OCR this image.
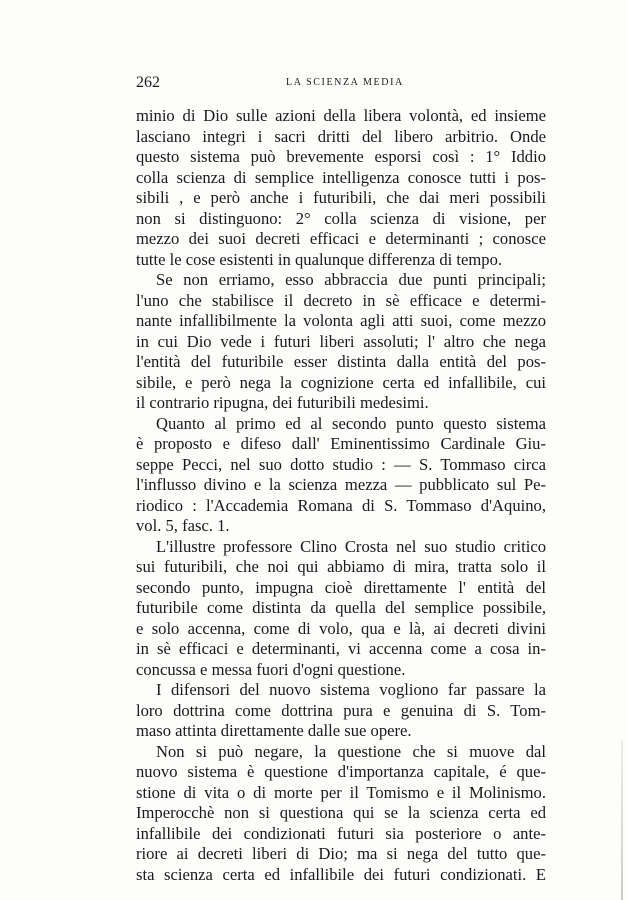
262	LA SCIENZA MEDIA
minio di Dio sulle azioni della libera volontà, ed insieme
lasciano integri i sacri dritti del libero arbitrio. Onde
questo sistema può brevemente esporsi così : 1° Iddio
colla scienza di semplice intelligenza conosce tutti i pos-
sibili , e però anche i futuribili, che dai meri possibili
non si distinguono: 2° colla scienza di visione, per
mezzo dei suoi decreti efficaci e determinanti ; conosce
tutte le cose esistenti in qualunque differenza di tempo.
Se non erriamo, esso abbraccia due punti principali;
l'uno che stabilisce il decreto in sè efficace e determi-
nante infallibilmente la volonta agli atti suoi, come mezzo
in cui Dio vede i futuri liberi assoluti; l' altro che nega
l'entità del futuribile esser distinta dalla entità del pos-
sibile, e però nega la cognizione certa ed infallibile, cui
il contrario ripugna, dei futuribili medesimi.
Quanto al primo ed al secondo punto questo sistema
è proposto e difeso dall' Eminentissimo Cardinale Giu-
seppe Pecci, nel suo dotto studio : — S. Tommaso circa
l'influsso divino e la scienza mezza — pubblicato sul Pe-
riodico : l'Accademia Romana di S. Tommaso d'Aquino,
vol. 5, fasc. 1.
L'illustre professore Clino Crosta nel suo studio critico
sui futuribili, che noi qui abbiamo di mira, tratta solo il
secondo punto, impugna cioè direttamente l' entità del
futuribile come distinta da quella del semplice possibile,
e solo accenna, come di volo, qua e là, ai decreti divini
in sè efficaci e determinanti, vi accenna come a cosa in-
concussa e messa fuori d'ogni questione.
I difensori del nuovo sistema vogliono far passare la
loro dottrina come dottrina pura e genuina di S. Tom-
maso attinta direttamente dalle sue opere.
Non si può negare, la questione che si muove dal
nuovo sistema è questione d'importanza capitale, é que-
stione di vita o di morte per il Tomismo e il Molinismo.
Imperocchè non si questiona qui se la scienza certa ed
infallibile dei condizionati futuri sia posteriore o ante-
riore ai decreti liberi di Dio; ma si nega del tutto que-
sta scienza certa ed infallibile dei futuri condizionati. E
